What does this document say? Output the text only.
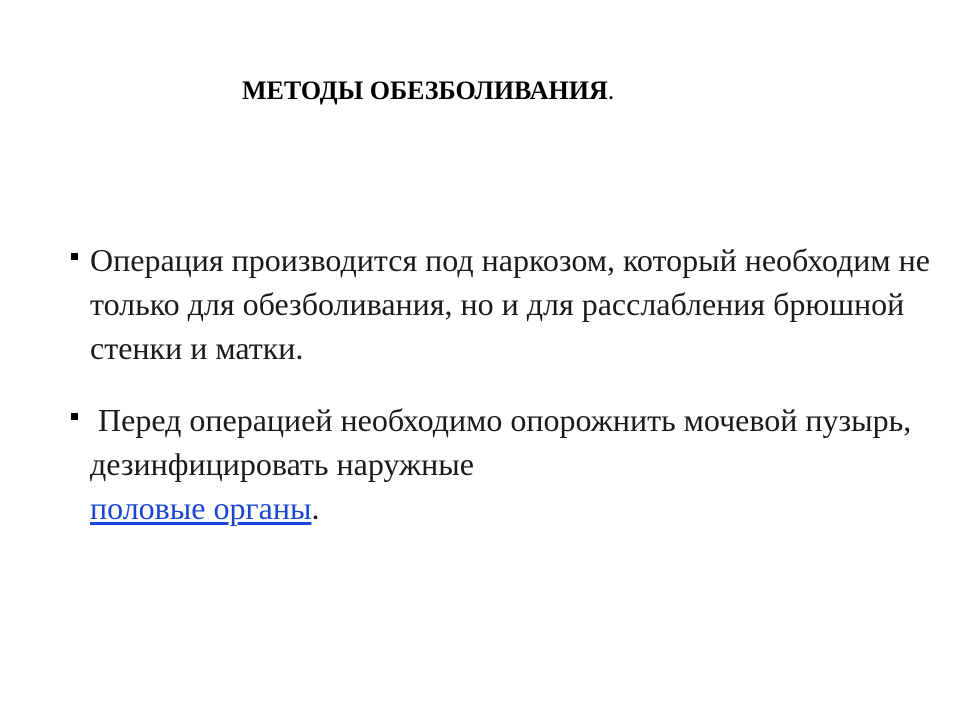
МЕТОДЫ ОБЕЗБОЛИВАНИЯ.
Операция производится под наркозом, который необходим не только для обезболивания, но и для расслабления брюшной стенки и матки.
Перед операцией необходимо опорожнить мочевой пузырь, дезинфицировать наружные
половые органы.
